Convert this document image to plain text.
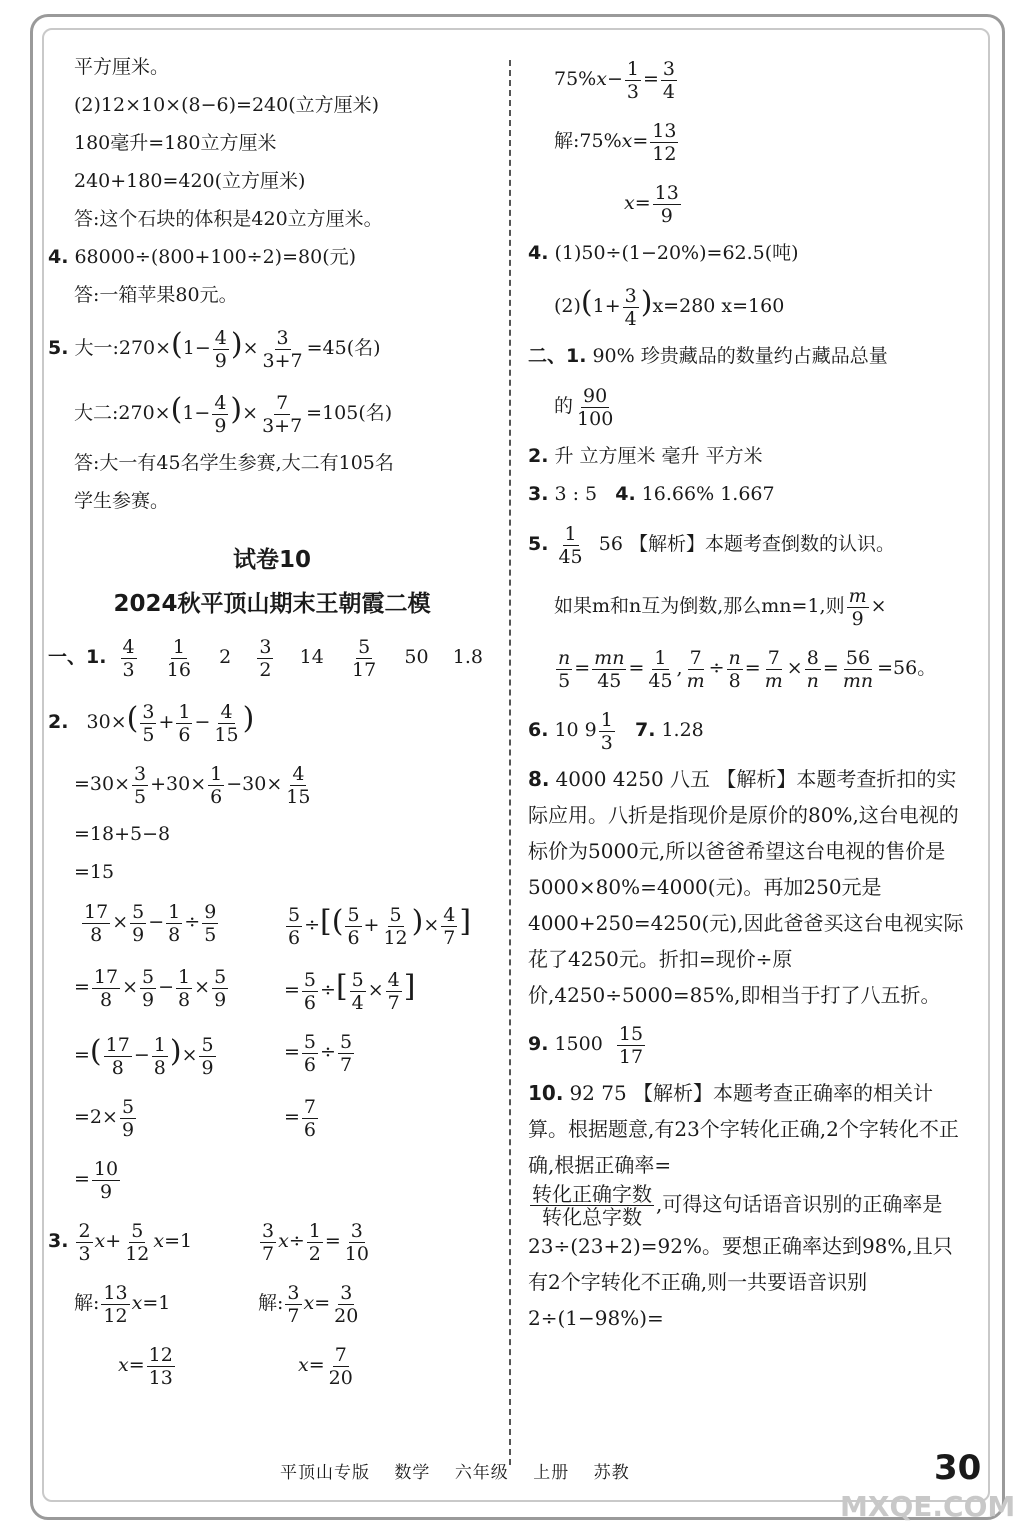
平方厘米。
(2)12×10×(8−6)=240(立方厘米)
180毫升=180立方厘米
240+180=420(立方厘米)
答:这个石块的体积是420立方厘米。
4. 68000÷(800+100÷2)=80(元)
答:一箱苹果80元。
5. 大一:270×(1− $\frac{4}{9}$ )× $\frac{3}{3+7} =45$(名)
大二:270×(1− $\frac{4}{9}$ )× $\frac{7}{3+7} =105$(名)
答:大一有45名学生参赛,大二有105名
学生参赛。
试卷10
2024秋平顶山期末王朝霞二模
一、1. $\frac{4}{3}$
$\frac{1}{16} 2 \frac{3}{2} 14 \frac{5}{17} 50$ 1.8
2.  $30\times( \frac{3}{5} + \frac{1}{6} - \frac{4}{15}$ )
$=30\times \frac{3}{5} +30\times \frac{1}{6} -30\times \frac{4}{15}$
=18+5−8
=15

$\frac{17}{8} \times \frac{5}{9} - \frac{1}{8} \div \frac{9}{5}$	$\frac{5}{6}$ ÷[( $\frac{5}{6} + \frac{5}{12}$ )× $\frac{4}{7}$ ]
= $\frac{17}{8} \times \frac{5}{9} - \frac{1}{8} \times \frac{5}{9}$	= $\frac{5}{6}$ ÷[ $\frac{5}{4} \times \frac{4}{7}$ ]
=( $\frac{17}{8} - \frac{1}{8}$ )× $\frac{5}{9}$	= $\frac{5}{6} \div \frac{5}{7}$
$=2\times \frac{5}{9}$	= $\frac{7}{6}$
= $\frac{10}{9}$
3. $\frac{2}{3} x+ \frac{5}{12} x=1$	$\frac{3}{7} x\div \frac{1}{2} = \frac{3}{10}$
解: $\frac{13}{12} x=1$	解: $\frac{3}{7} x= \frac{3}{20}$
$x= \frac{12}{13}$	$x= \frac{7}{20}$
$75\%x- \frac{1}{3} = \frac{3}{4}$
解:75%x= $\frac{13}{12}$
$x= \frac{13}{9}$
4. (1)50÷(1−20%)=62.5(吨)
$(2)(1+ \frac{3}{4} )x=280$ x=160
二、1. 90% 珍贵藏品的数量约占藏品总量
的 $\frac{90}{100}$
2. 升 立方厘米 毫升 平方米
3. 3 : 5 4. 16.66% 1.667
5. $\frac{1}{45} 56$ 【解析】本题考查倒数的认识。
如果m和n互为倒数,那么mn=1,则 $\frac{m}{9}$ ×
$\frac{n}{5} = \frac{mn}{45} = \frac{1}{45}$ , $\frac{7}{m} \div \frac{n}{8} = \frac{7}{m} \times \frac{8}{n} = \frac{56}{mn} =56$。
6. 10 $9 \frac{1}{3} 7$. 1.28
8. 4000 4250 八五 【解析】本题考查折扣的实际应用。八折是指现价是原价的80%,这台电视的标价为5000元,所以爸爸希望这台电视的售价是5000×80%=4000(元)。再加250元是4000+250=4250(元),因此爸爸买这台电视实际花了4250元。折扣=现价÷原价,4250÷5000=85%,即相当于打了八五折。
9. $1500 \frac{15}{17}$
10. 92 75 【解析】本题考查正确率的相关计算。根据题意,有23个字转化正确,2个字转化不正确,根据正确率=

$\frac{\text{转化正确字数}}{\text{转化总字数}}$ ,可得这句话语音识别的正确率是23÷(23+2)=92%。要想正确率达到98%,且只有2个字转化不正确,则一共要语音识别2÷(1−98%)=
平顶山专版 数学 六年级 上册 苏教	30
MXQE.COM
